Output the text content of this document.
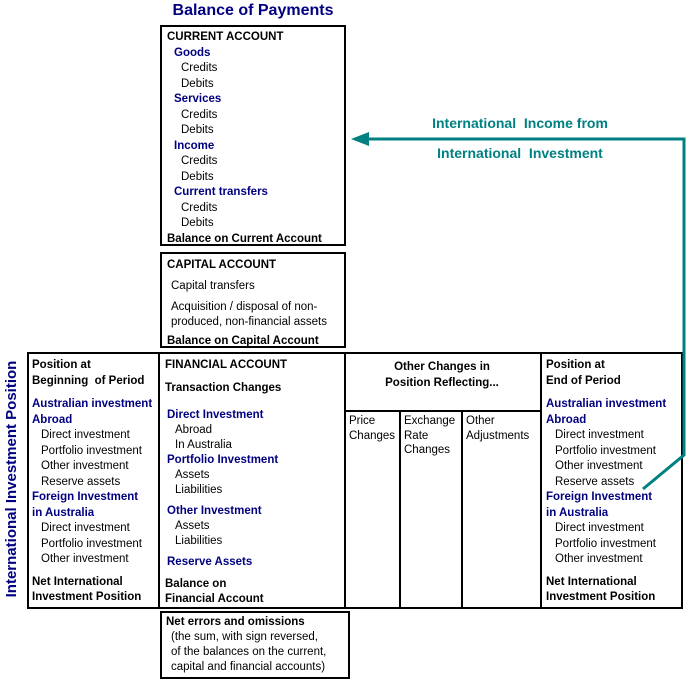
Balance of Payments
CURRENT ACCOUNT
Goods
Credits
Debits
Services
Credits
Debits
Income
Credits
Debits
Current transfers
Credits
Debits
Balance on Current Account
CAPITAL ACCOUNT
Capital transfers
Acquisition / disposal of non-
produced, non-financial assets
Balance on Capital Account
Position at
Beginning  of Period
Australian investment
Abroad
Direct investment
Portfolio investment
Other investment
Reserve assets
Foreign Investment
in Australia
Direct investment
Portfolio investment
Other investment
Net International
Investment Position
FINANCIAL ACCOUNT
Transaction Changes
Direct Investment
Abroad
In Australia
Portfolio Investment
Assets
Liabilities
Other Investment
Assets
Liabilities
Reserve Assets
Balance on
Financial Account
Other Changes in
Position Reflecting...
Price Changes
Exchange Rate Changes
Other Adjustments
Position at
End of Period
Australian investment
Abroad
Direct investment
Portfolio investment
Other investment
Reserve assets
Foreign Investment
in Australia
Direct investment
Portfolio investment
Other investment
Net International
Investment Position
Net errors and omissions
(the sum, with sign reversed,
of the balances on the current,
capital and financial accounts)
International Investment Position
International  Income from
International  Investment
